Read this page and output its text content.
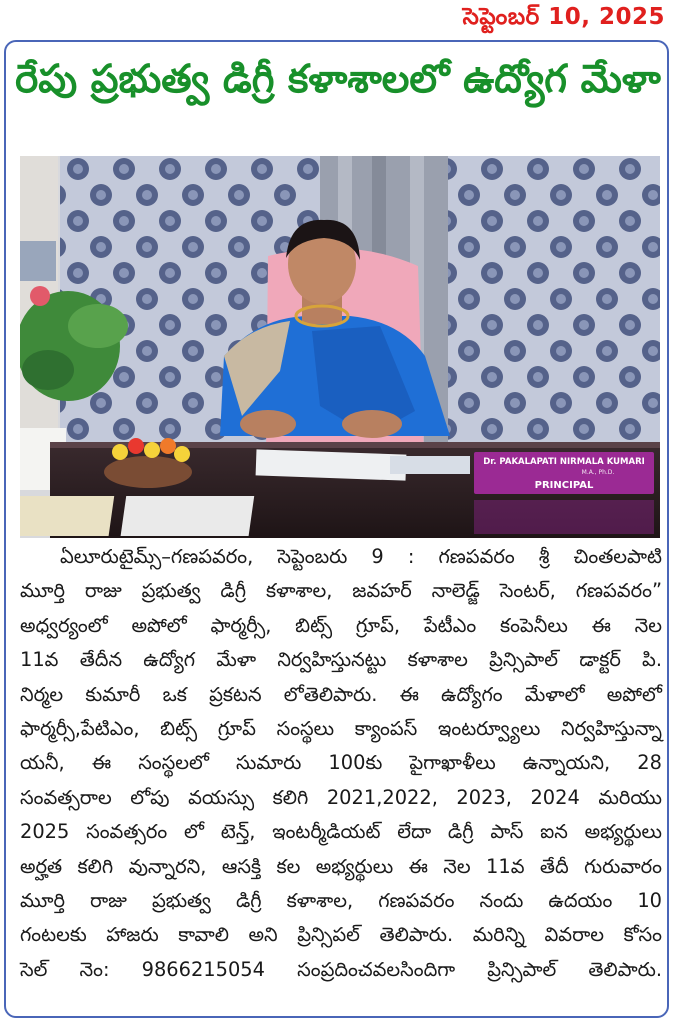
సెప్టెంబర్ 10, 2025
రేపు ప్రభుత్వ డిగ్రీ కళాశాలలో ఉద్యోగ మేళా
Dr. PAKALAPATI NIRMALA KUMARI
M.A., Ph.D.
PRINCIPAL
ఏలూరుటైమ్స్–గణపవరం, సెప్టెంబరు 9 : గణపవరం శ్రీ చింతలపాటి
మూర్తి రాజు ప్రభుత్వ డిగ్రీ కళాశాల, జవహర్ నాలెడ్జ్ సెంటర్, గణపవరం”
అధ్వర్యంలో అపోలో ఫార్మర్సీ, బిట్స్ గ్రూప్, పేటీఎం కంపెనీలు ఈ నెల
11వ తేదీన ఉద్యోగ మేళా నిర్వహిస్తునట్టు కళాశాల ప్రిన్సిపాల్ డాక్టర్ పి.
నిర్మల కుమారీ ఒక ప్రకటన లోతెలిపారు. ఈ ఉద్యోగం మేళాలో అపోలో
ఫార్మర్సీ,పేటిఎం, బిట్స్ గ్రూప్ సంస్థలు క్యాంపస్ ఇంటర్వ్యూలు నిర్వహిస్తున్నా
యనీ, ఈ సంస్థలలో సుమారు 100కు పైగాఖాళీలు ఉన్నాయని, 28
సంవత్సరాల లోపు వయస్సు కలిగి 2021,2022, 2023, 2024 మరియు
2025 సంవత్సరం లో టెన్త్, ఇంటర్మీడియట్ లేదా డిగ్రీ పాస్ ఐన అభ్యర్థులు
అర్హత కలిగి వున్నారని, ఆసక్తి కల అభ్యర్థులు ఈ నెల 11వ తేదీ గురువారం
మూర్తి రాజు ప్రభుత్వ డిగ్రీ కళాశాల, గణపవరం నందు ఉదయం 10
గంటలకు హాజరు కావాలి అని ప్రిన్సిపల్ తెలిపారు. మరిన్ని వివరాల కోసం
సెల్ నెం: 9866215054 సంప్రదించవలసిందిగా ప్రిన్సిపాల్ తెలిపారు.
